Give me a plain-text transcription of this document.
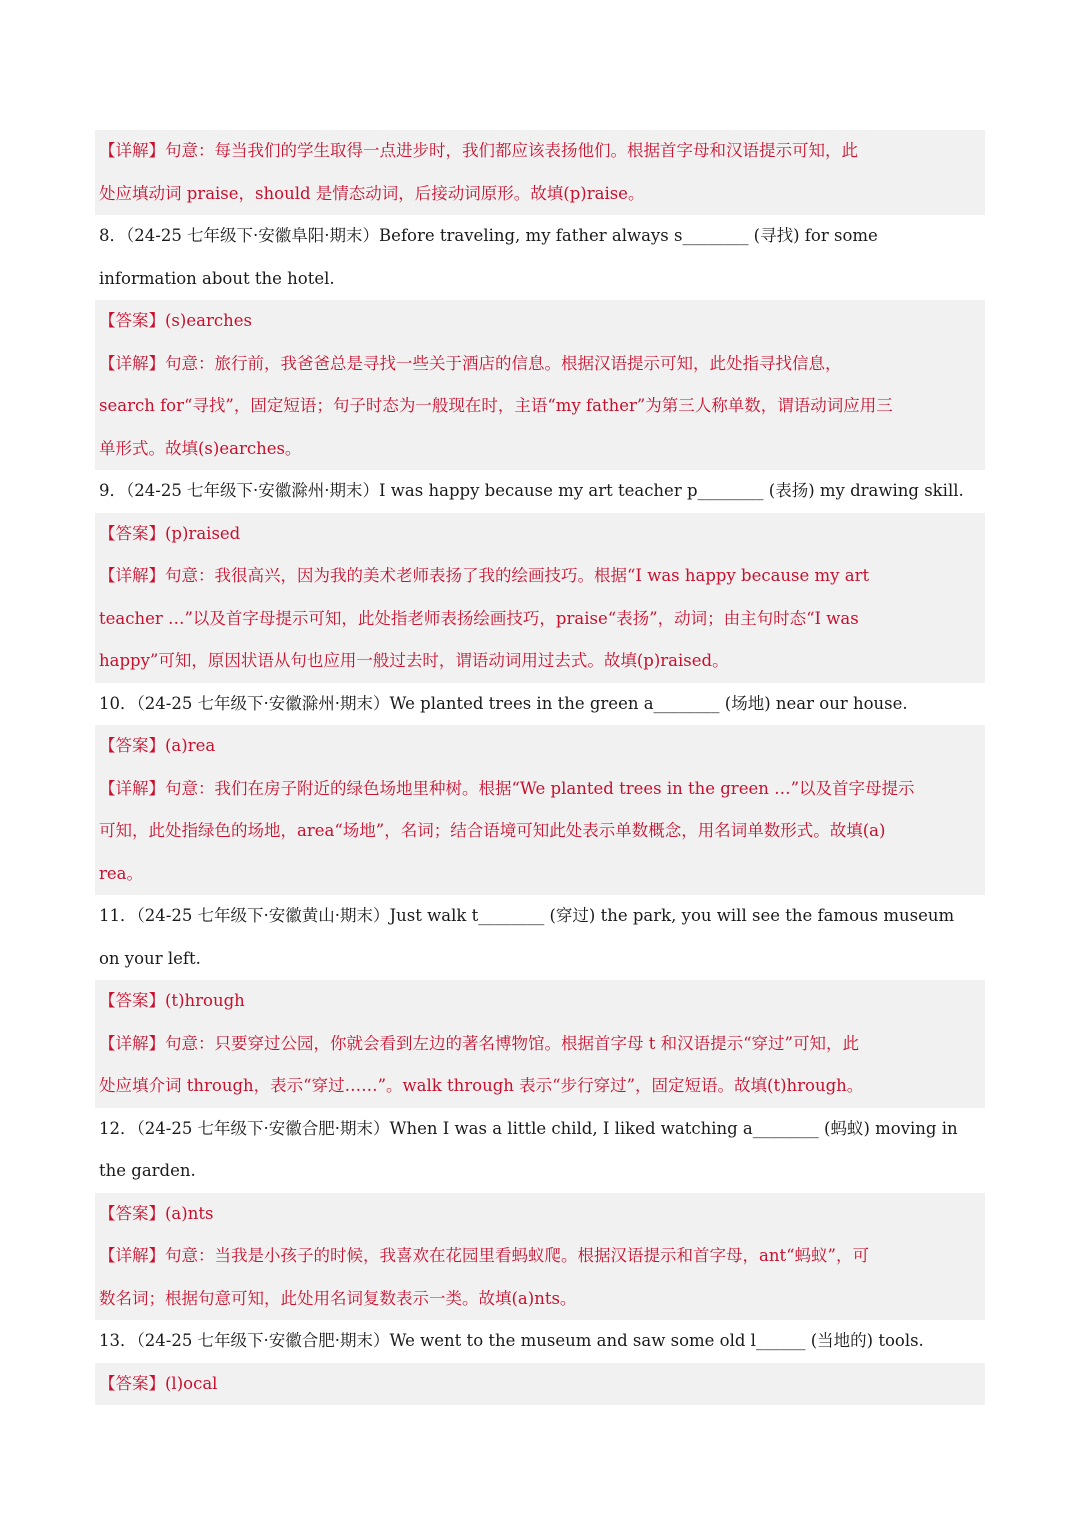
【详解】句意：每当我们的学生取得一点进步时，我们都应该表扬他们。根据首字母和汉语提示可知，此
处应填动词 praise，should 是情态动词，后接动词原形。故填(p)raise。
8．（24-25 七年级下·安徽阜阳·期末）Before traveling, my father always s________ (寻找) for some
information about the hotel.
【答案】(s)earches
【详解】句意：旅行前，我爸爸总是寻找一些关于酒店的信息。根据汉语提示可知，此处指寻找信息，
search for“寻找”，固定短语；句子时态为一般现在时，主语“my father”为第三人称单数，谓语动词应用三
单形式。故填(s)earches。
9．（24-25 七年级下·安徽滁州·期末）I was happy because my art teacher p________ (表扬) my drawing skill.
【答案】(p)raised
【详解】句意：我很高兴，因为我的美术老师表扬了我的绘画技巧。根据“I was happy because my art
teacher …”以及首字母提示可知，此处指老师表扬绘画技巧，praise“表扬”，动词；由主句时态“I was
happy”可知，原因状语从句也应用一般过去时，谓语动词用过去式。故填(p)raised。
10．（24-25 七年级下·安徽滁州·期末）We planted trees in the green a________ (场地) near our house.
【答案】(a)rea
【详解】句意：我们在房子附近的绿色场地里种树。根据“We planted trees in the green …”以及首字母提示
可知，此处指绿色的场地，area“场地”，名词；结合语境可知此处表示单数概念，用名词单数形式。故填(a)
rea。
11．（24-25 七年级下·安徽黄山·期末）Just walk t________ (穿过) the park, you will see the famous museum
on your left.
【答案】(t)hrough
【详解】句意：只要穿过公园，你就会看到左边的著名博物馆。根据首字母 t 和汉语提示“穿过”可知，此
处应填介词 through，表示“穿过……”。walk through 表示“步行穿过”，固定短语。故填(t)hrough。
12．（24-25 七年级下·安徽合肥·期末）When I was a little child, I liked watching a________ (蚂蚁) moving in
the garden.
【答案】(a)nts
【详解】句意：当我是小孩子的时候，我喜欢在花园里看蚂蚁爬。根据汉语提示和首字母，ant“蚂蚁”，可
数名词；根据句意可知，此处用名词复数表示一类。故填(a)nts。
13．（24-25 七年级下·安徽合肥·期末）We went to the museum and saw some old l______ (当地的) tools.
【答案】(l)ocal
